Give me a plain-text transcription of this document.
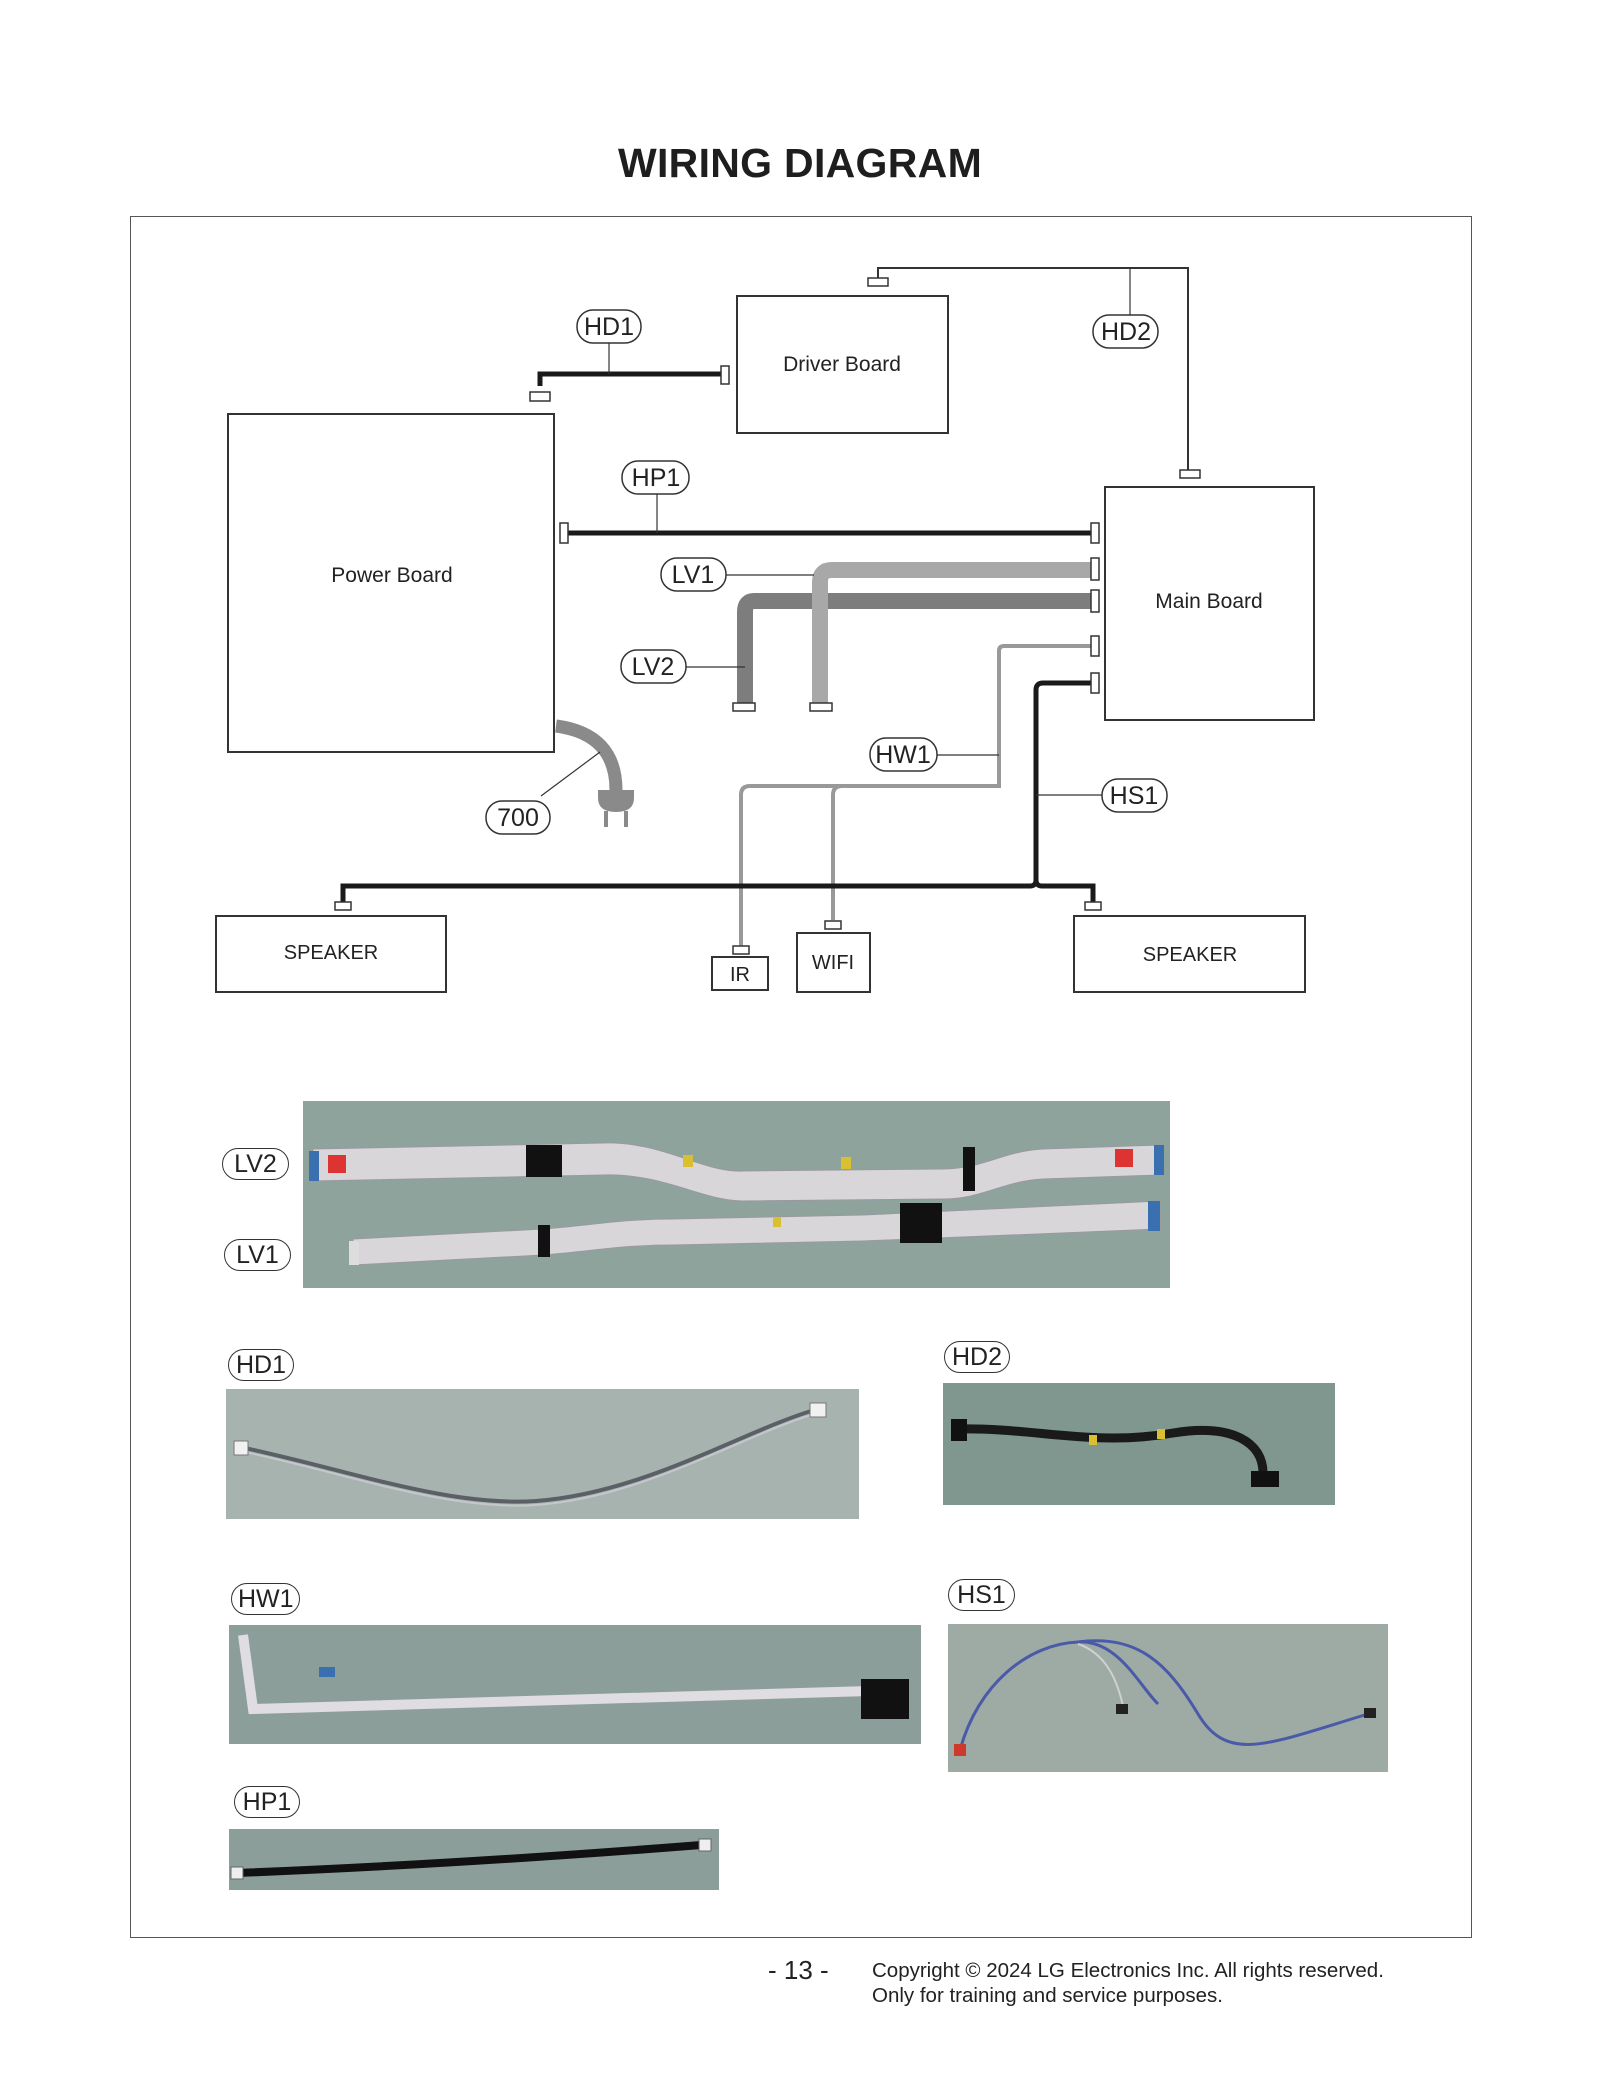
WIRING DIAGRAM
Driver Board
Power Board
Main Board
SPEAKER	SPEAKER
IR
WIFI
HD1	HD2
HP1
LV1
LV2
HW1
HS1
700
LV2
LV1
HD1	HD2
HW1	HS1
HP1
- 13 - Copyright © 2024 LG Electronics Inc. All rights reserved.
Only for training and service purposes.
